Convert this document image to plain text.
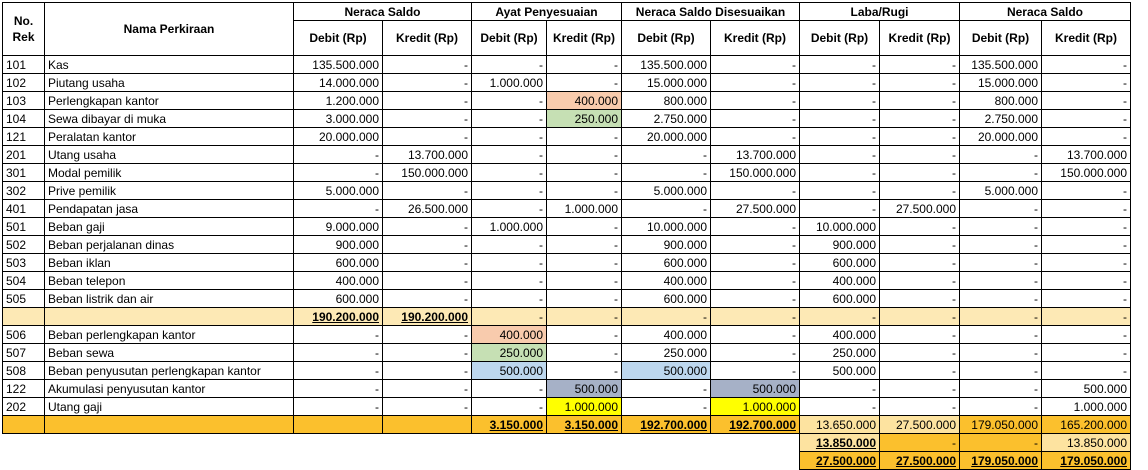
No. Rek	Nama Perkiraan	Neraca Saldo		Ayat Penyesuaian		Neraca Saldo Disesuaikan		Laba/Rugi		Neraca Saldo	
		Debit (Rp)	Kredit (Rp)	Debit (Rp)	Kredit (Rp)	Debit (Rp)	Kredit (Rp)	Debit (Rp)	Kredit (Rp)	Debit (Rp)	Kredit (Rp)
101	Kas	135.500.000	-	-	-	135.500.000	-	-	-	135.500.000	-
102	Piutang usaha	14.000.000	-	1.000.000	-	15.000.000	-	-	-	15.000.000	-
103	Perlengkapan kantor	1.200.000	-	-	400.000	800.000	-	-	-	800.000	-
104	Sewa dibayar di muka	3.000.000	-	-	250.000	2.750.000	-	-	-	2.750.000	-
121	Peralatan kantor	20.000.000	-	-	-	20.000.000	-	-	-	20.000.000	-
201	Utang usaha	-	13.700.000	-	-	-	13.700.000	-	-	-	13.700.000
301	Modal pemilik	-	150.000.000	-	-	-	150.000.000	-	-	-	150.000.000
302	Prive pemilik	5.000.000	-	-	-	5.000.000	-	-	-	5.000.000	-
401	Pendapatan jasa	-	26.500.000	-	1.000.000	-	27.500.000	-	27.500.000	-	-
501	Beban gaji	9.000.000	-	1.000.000	-	10.000.000	-	10.000.000	-	-	-
502	Beban perjalanan dinas	900.000	-	-	-	900.000	-	900.000	-	-	-
503	Beban iklan	600.000	-	-	-	600.000	-	600.000	-	-	-
504	Beban telepon	400.000	-	-	-	400.000	-	400.000	-	-	-
505	Beban listrik dan air	600.000	-	-	-	600.000	-	600.000	-	-	-
		190.200.000	190.200.000	-	-	-	-	-	-	-	-
506	Beban perlengkapan kantor	-	-	400.000	-	400.000	-	400.000	-	-	-
507	Beban sewa	-	-	250.000	-	250.000	-	250.000	-	-	-
508	Beban penyusutan perlengkapan kantor	-	-	500.000	-	500.000	-	500.000	-	-	-
122	Akumulasi penyusutan kantor	-	-	-	500.000	-	500.000	-	-	-	500.000
202	Utang gaji	-	-	-	1.000.000	-	1.000.000	-	-	-	1.000.000
				3.150.000	3.150.000	192.700.000	192.700.000	13.650.000	27.500.000	179.050.000	165.200.000
								13.850.000	-	-	13.850.000
								27.500.000	27.500.000	179.050.000	179.050.000
